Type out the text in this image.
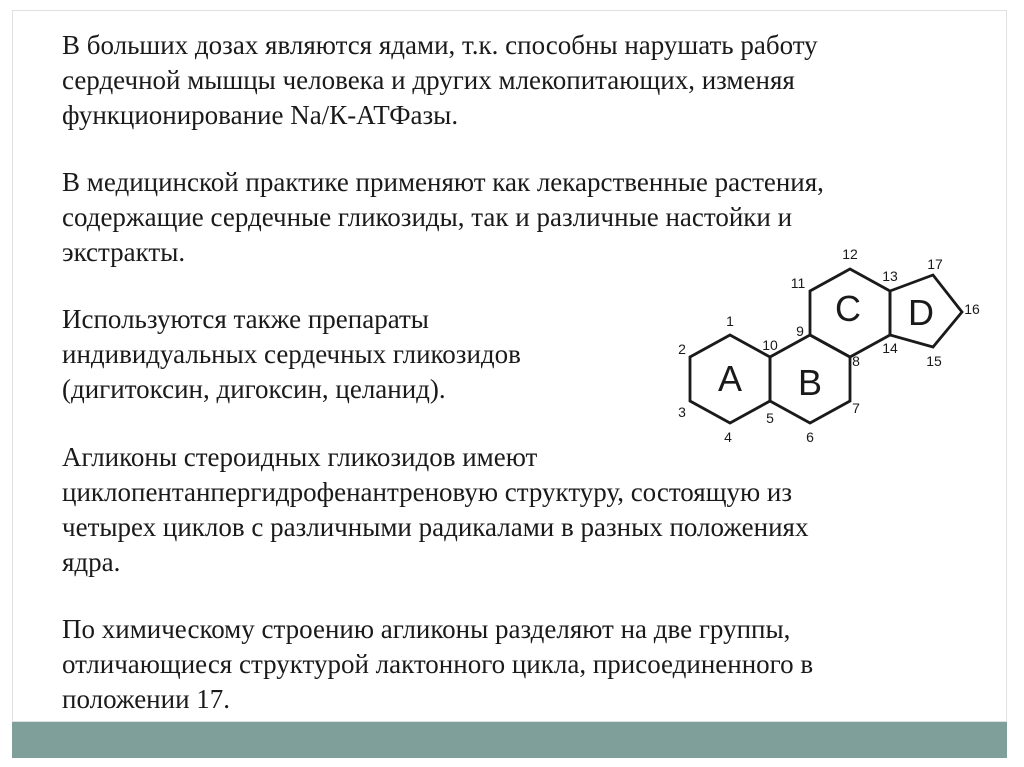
В больших дозах являются ядами, т.к. способны нарушать работу
сердечной мышцы человека и других млекопитающих, изменяя
функционирование Na/К-АТФазы.
В медицинской практике применяют как лекарственные растения,
содержащие сердечные гликозиды, так и различные настойки и
экстракты.
Используются также препараты
индивидуальных сердечных гликозидов
(дигитоксин, дигоксин, целанид).
Агликоны стероидных гликозидов имеют
циклопентанпергидрофенантреновую структуру, состоящую из
четырех циклов с различными радикалами в разных положениях
ядра.
По химическому строению агликоны разделяют на две группы,
отличающиеся структурой лактонного цикла, присоединенного в
положении 17.
A B
C D
1
2
3
4
5
6
7
8
9
10
11
12
13
14
15
16
17
